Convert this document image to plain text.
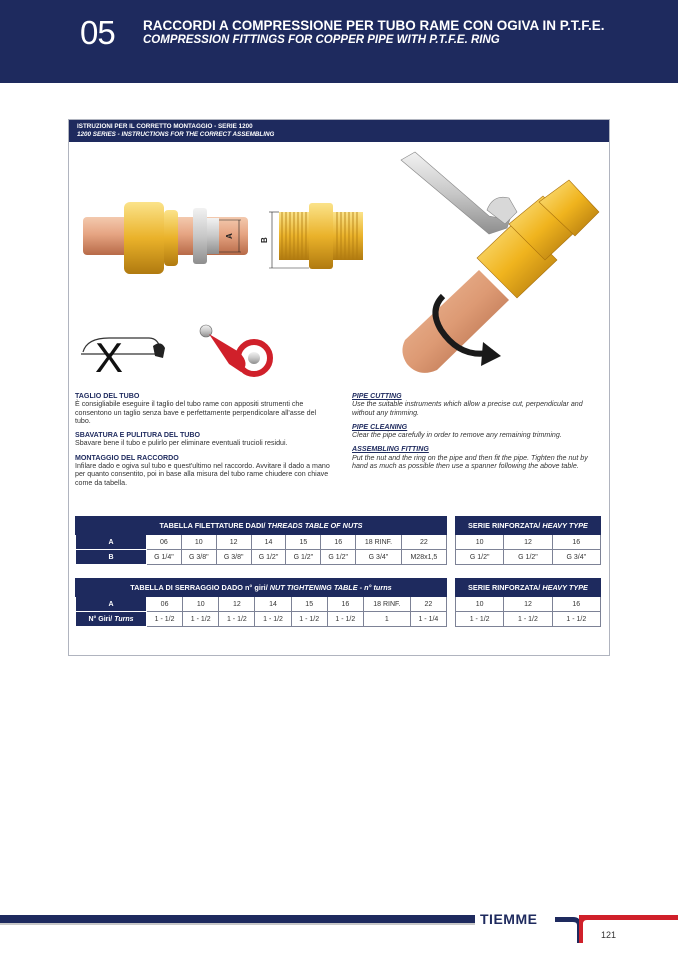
05 RACCORDI A COMPRESSIONE PER TUBO RAME CON OGIVA IN P.T.F.E.
COMPRESSION FITTINGS FOR COPPER PIPE WITH P.T.F.E. RING
ISTRUZIONI PER IL CORRETTO MONTAGGIO - SERIE 1200
1200 SERIES - INSTRUCTIONS FOR THE CORRECT ASSEMBLING
A
B
X
TAGLIO DEL TUBO
È consigliabile eseguire il taglio del tubo rame con appositi strumenti che consentono un taglio senza bave e perfettamente perpendicolare all'asse del tubo.
SBAVATURA E PULITURA DEL TUBO
Sbavare bene il tubo e pulirlo per eliminare eventuali trucioli residui.
MONTAGGIO DEL RACCORDO
Infilare dado e ogiva sul tubo e quest'ultimo nel raccordo. Avvitare il dado a mano per quanto consentito, poi in base alla misura del tubo rame chiudere con chiave come da tabella.
PIPE CUTTING
Use the suitable instruments which allow a precise cut, perpendicular and without any trimming.
PIPE CLEANING
Clear the pipe carefully in order to remove any remaining trimming.
ASSEMBLING FITTING
Put the nut and the ring on the pipe and then fit the pipe. Tighten the nut by hand as much as possible then use a spanner following the above table.
TABELLA FILETTATURE DADI/ THREADS TABLE OF NUTS								
A	06	10	12	14	15	16	18 RINF.	22
B	G 1/4"	G 3/8"	G 3/8"	G 1/2"	G 1/2"	G 1/2"	G 3/4"	M28x1,5
SERIE RINFORZATA/ HEAVY TYPE		
10	12	16
G 1/2"	G 1/2"	G 3/4"
TABELLA DI SERRAGGIO DADO n° giri/ NUT TIGHTENING TABLE - n° turns								
A	06	10	12	14	15	16	18 RINF.	22
N° Giri/ Turns	1 - 1/2	1 - 1/2	1 - 1/2	1 - 1/2	1 - 1/2	1 - 1/2	1	1 - 1/4
SERIE RINFORZATA/ HEAVY TYPE		
10	12	16
1 - 1/2	1 - 1/2	1 - 1/2
TIEMME
121
